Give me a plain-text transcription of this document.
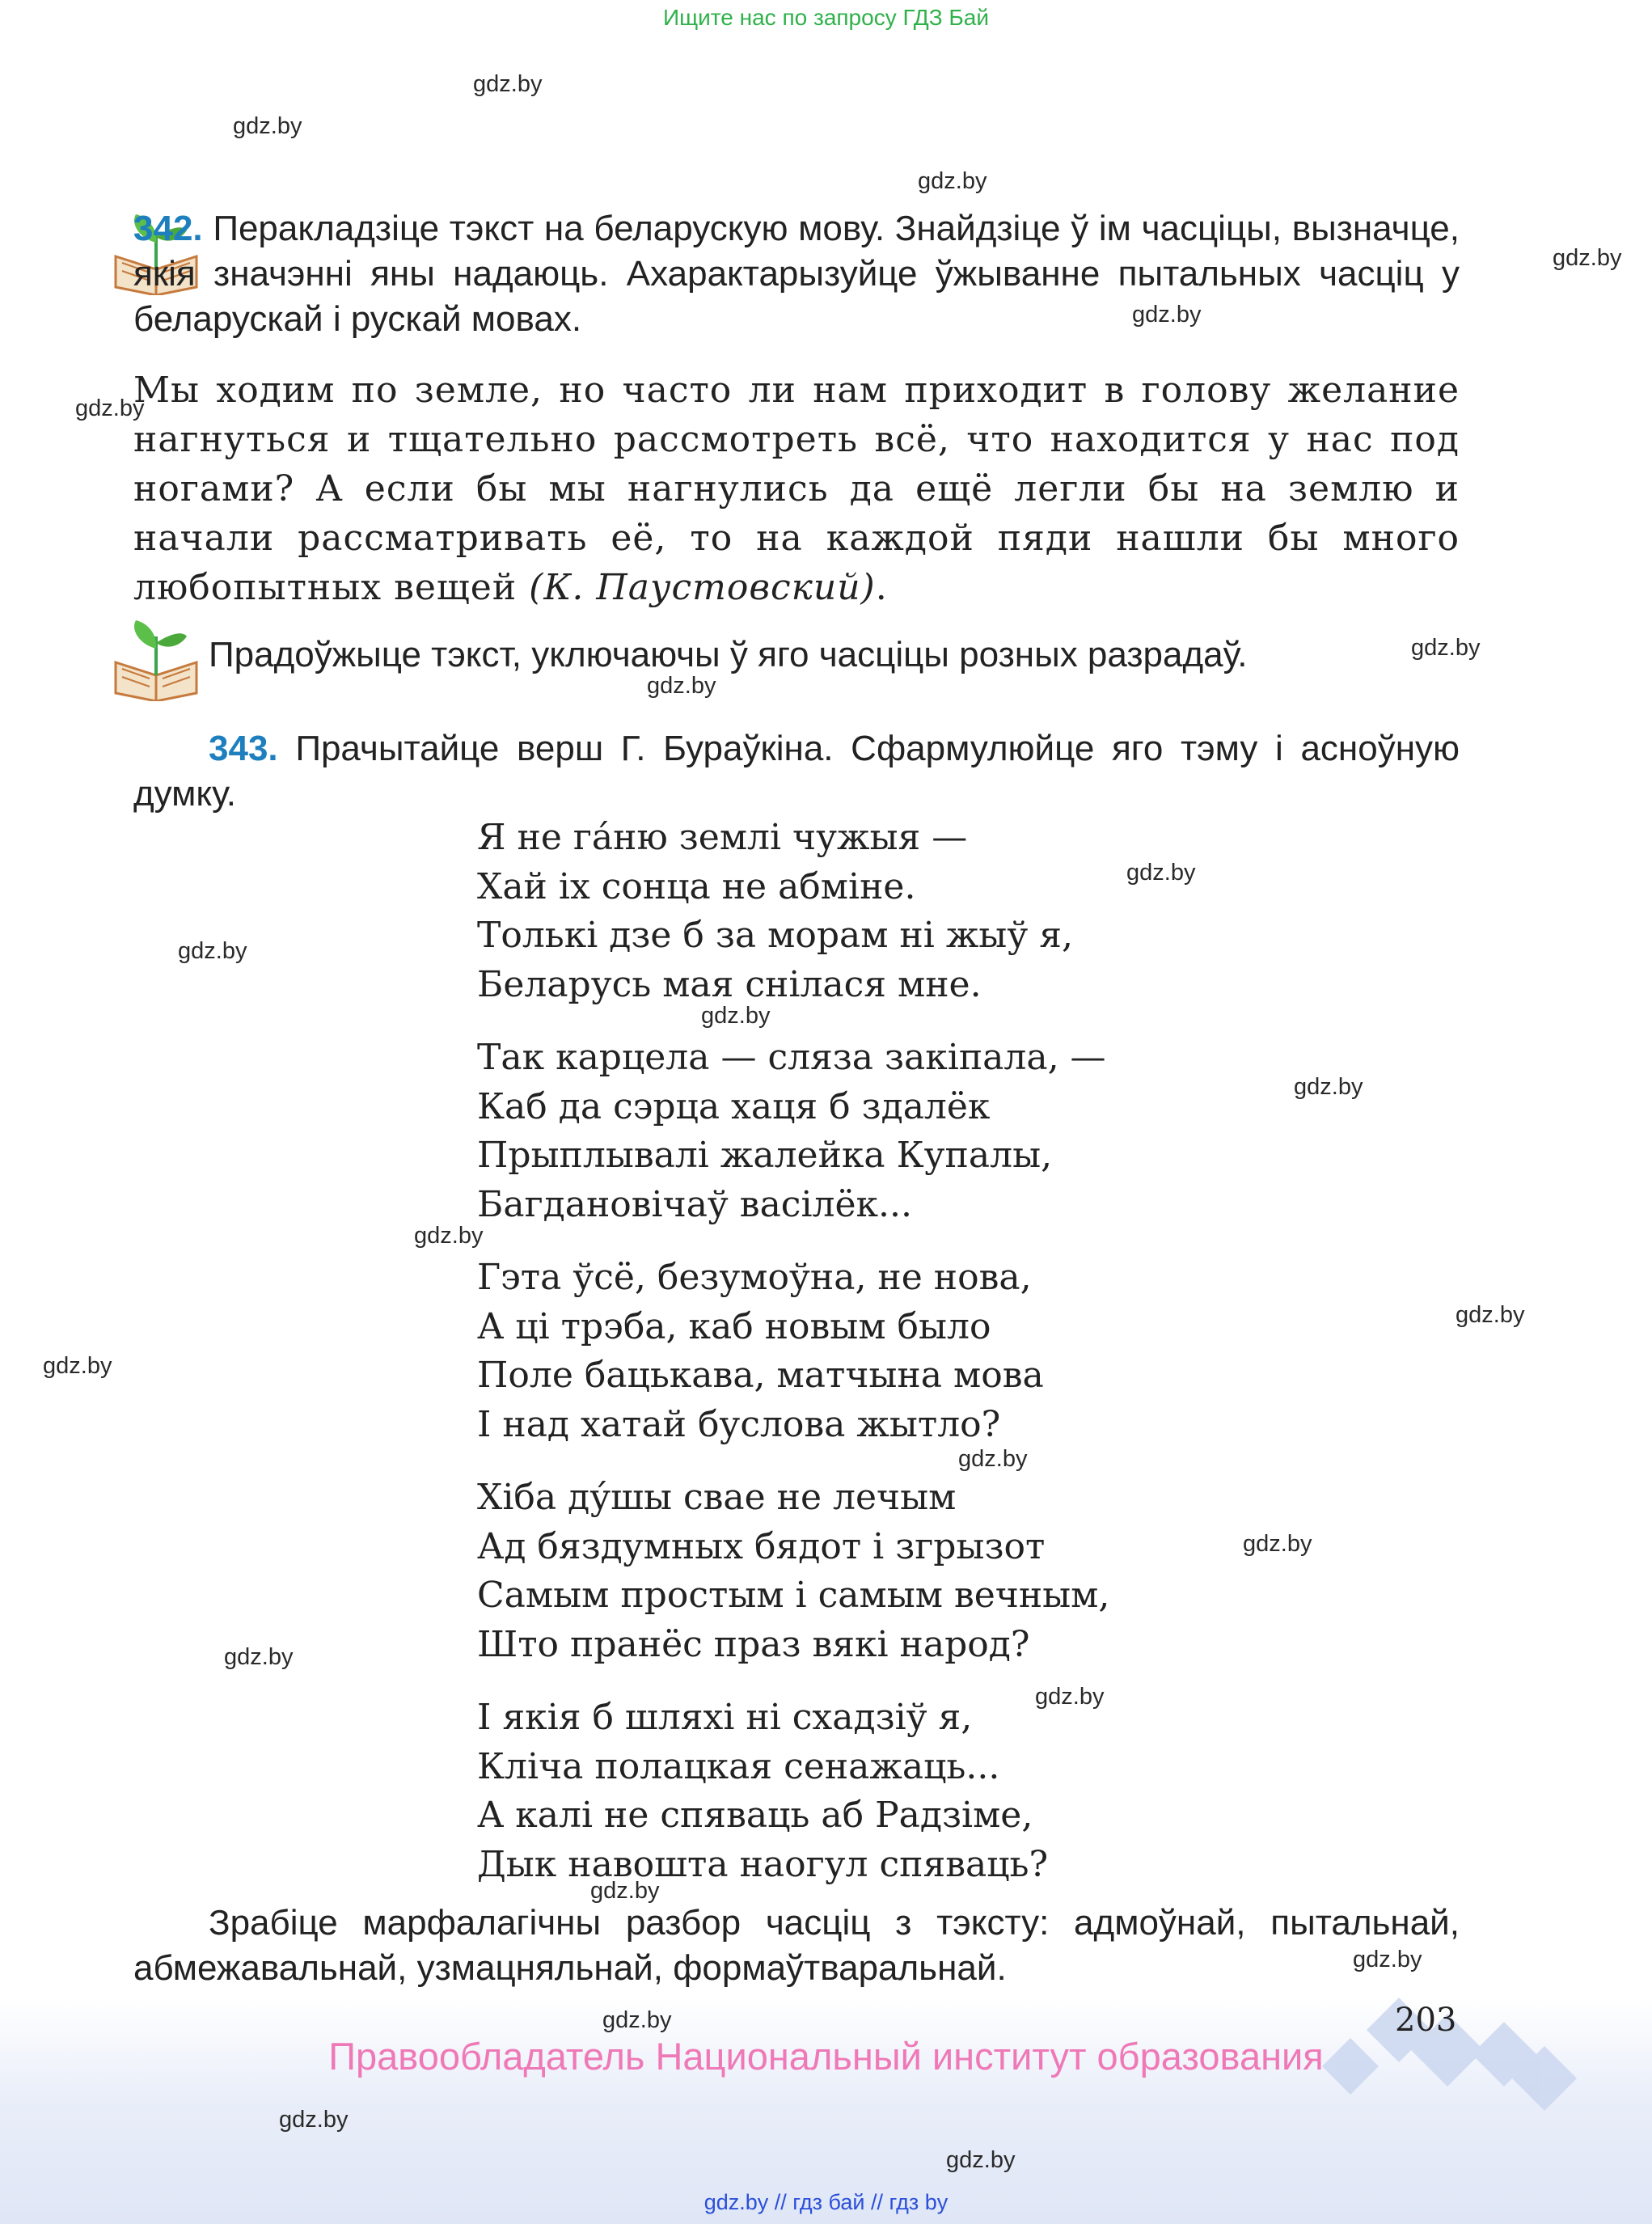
Ищите нас по запросу ГДЗ Бай
gdz.by
gdz.by
gdz.by
gdz.by
gdz.by
gdz.by
gdz.by
gdz.by
gdz.by
gdz.by
gdz.by
gdz.by
gdz.by
gdz.by
gdz.by
gdz.by
gdz.by
gdz.by
gdz.by
gdz.by
gdz.by
gdz.by
gdz.by
gdz.by
342. Перакладзіце тэкст на беларускую мову. Знайдзіце ў ім часціцы, вызначце, якія значэнні яны надаюць. Ахарактарызуйце ўжыванне пытальных часціц у беларускай і рускай мовах.
Мы ходим по земле, но часто ли нам приходит в голову желание нагнуться и тщательно рассмотреть всё, что находится у нас под ногами? А если бы мы нагнулись да ещё легли бы на землю и начали рассматривать её, то на каждой пяди нашли бы много любопытных вещей (К. Паустовский).
Прадоўжыце тэкст, уключаючы ў яго часціцы розных разрадаў.
343. Прачытайце верш Г. Бураўкіна. Сфармулюйце яго тэму і асноўную думку.
Я не га́ню землі чужыя —
Хай іх сонца не абміне.
Толькі дзе б за морам ні жыў я,
Беларусь мая снілася мне.
Так карцела — сляза закіпала, —
Каб да сэрца хаця б здалёк
Прыплывалі жалейка Купалы,
Багдановічаў васілёк...
Гэта ўсё, безумоўна, не нова,
А ці трэба, каб новым было
Поле бацькава, матчына мова
І над хатай буслова жытло?
Хіба ду́шы свае не лечым
Ад бяздумных бядот і згрызот
Самым простым і самым вечным,
Што пранёс праз вякі народ?
І якія б шляхі ні схадзіў я,
Кліча полацкая сенажаць...
А калі не спяваць аб Радзіме,
Дык навошта наогул спяваць?
Зрабіце марфалагічны разбор часціц з тэксту: адмоўнай, пытальнай, абмежавальнай, узмацняльнай, формаўтваральнай.
203
Правообладатель Национальный институт образования
gdz.by // гдз бай // гдз by
